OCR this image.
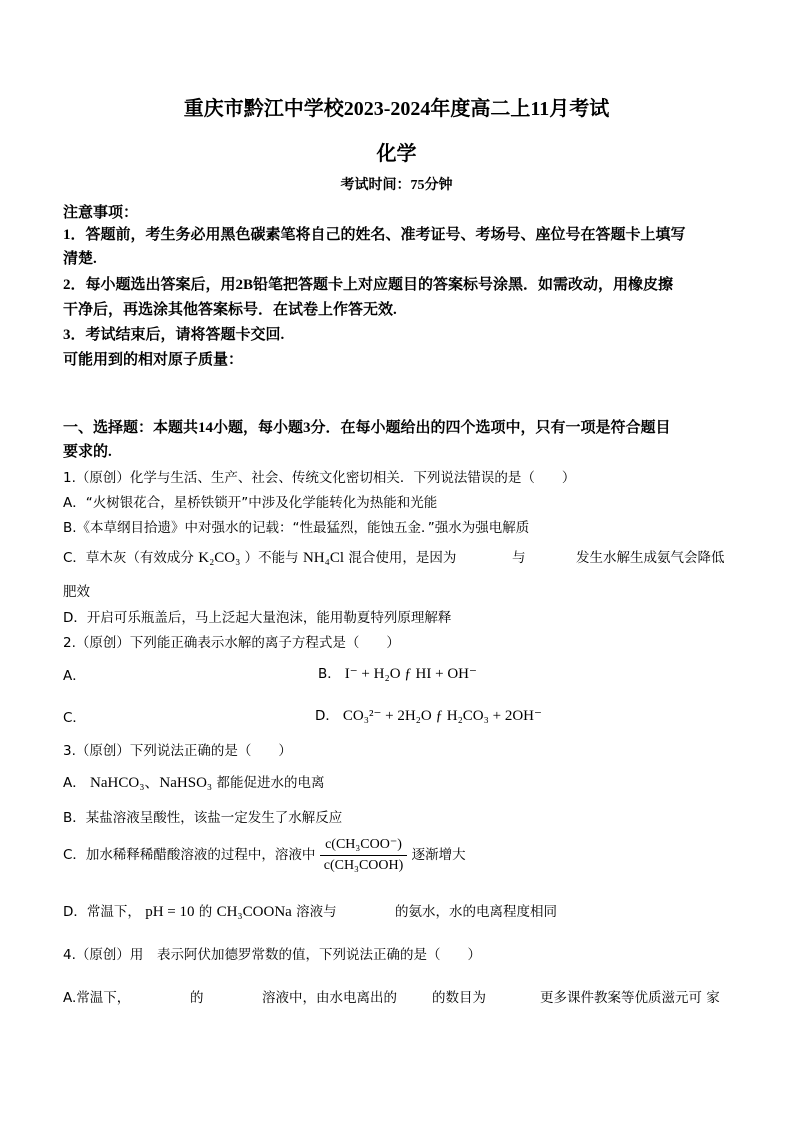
重庆市黔江中学校2023-2024年度高二上11月考试
化学
考试时间：75分钟
注意事项：
1．答题前，考生务必用黑色碳素笔将自己的姓名、准考证号、考场号、座位号在答题卡上填写
清楚.
2．每小题选出答案后，用2B铅笔把答题卡上对应题目的答案标号涂黑．如需改动，用橡皮擦
干净后，再选涂其他答案标号．在试卷上作答无效.
3．考试结束后，请将答题卡交回.
可能用到的相对原子质量：
一、选择题：本题共14小题，每小题3分．在每小题给出的四个选项中，只有一项是符合题目
要求的.
1.（原创）化学与生活、生产、社会、传统文化密切相关．下列说法错误的是（　　）
A．“火树银花合，星桥铁锁开”中涉及化学能转化为热能和光能
B.《本草纲目拾遗》中对强水的记载：“性最猛烈，能蚀五金．”强水为强电解质
C．草木灰（有效成分 K₂CO₃ ）不能与 NH₄Cl 混合使用，是因为	与	发生水解生成氨气会降低
肥效
D．开启可乐瓶盖后，马上泛起大量泡沫，能用勒夏特列原理解释
2.（原创）下列能正确表示水解的离子方程式是（　　）
A．	B． I⁻ + H₂O ƒ HI + OH⁻
C．	D． CO₃²⁻ + 2H₂O ƒ H₂CO₃ + 2OH⁻
3.（原创）下列说法正确的是（　　）
A． NaHCO₃、NaHSO₃ 都能促进水的电离
B．某盐溶液呈酸性，该盐一定发生了水解反应
C．加水稀释稀醋酸溶液的过程中，溶液中 $\frac{\text{c(CH₃COO⁻)}}{\text{c(CH₃COOH)}}$ 逐渐增大
D．常温下， pH = 10 的 CH₃COONa 溶液与	的氨水，水的电离程度相同
4.（原创）用 表示阿伏加德罗常数的值，下列说法正确的是（　　）
A.常温下，	的	溶液中，由水电离出的	的数目为	更多课件教案等优质滋元可 家
